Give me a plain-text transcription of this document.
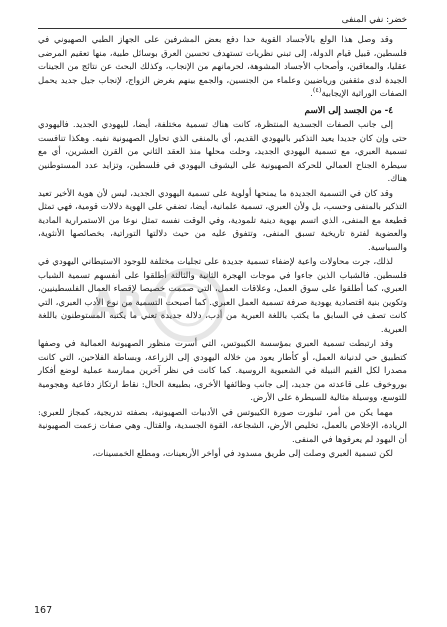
خضر: نفي المنفى

وقد وصل هذا الولع بالأجساد القوية حدا دفع بعض المشرفين على الجهاز الطبي الصهيوني في فلسطين، قبيل قيام الدولة، إلى تبني نظريات تستهدف تحسين العرق بوسائل طبية، منها تعقيم المرضى عقليا، والمعاقين، وأصحاب الأجساد المشوهة، لحرمانهم من الإنجاب، وكذلك البحث عن نتائج من الجينات الجيدة لدى مثقفين ورياضيين وعلماء من الجنسين، والجمع بينهم بغرض الزواج، لإنجاب جيل جديد يحمل الصفات الوراثية الإيجابية$^{(٤)}$.

٤- من الجسد إلى الاسم

إلى جانب الصفات الجسدية المنتظرة، كانت هناك تسمية مختلفة، أيضا، لليهودي الجديد. فاليهودي حتى وإن كان جديدا يعيد التذكير باليهودي القديم، أي بالمنفى الذي تحاول الصهيونية نفيه. وهكذا تنافست تسمية العبري، مع تسمية اليهودي الجديد، وحلت محلها منذ العقد الثاني من القرن العشرين، أي مع سيطرة الجناح العمالي للحركة الصهيونية على اليشوف اليهودي في فلسطين، وتزايد عدد المستوطنين هناك.

وقد كان في التسمية الجديدة ما يمنحها أولوية على تسمية اليهودي الجديد، ليس لأن هوية الأخير تعيد التذكير بالمنفى وحسب، بل ولأن العبري، تسمية علمانية، أيضا، تضفي على الهوية دلالات قومية، فهي تمثل قطيعة مع المنفى، الذي اتسم بهوية دينية تلمودية، وفي الوقت نفسه تمثل نوعا من الاستمرارية المادية والعضوية لفترة تاريخية تسبق المنفى، وتتفوق عليه من حيث دلالتها التوراتية، بخصائصها الأنثوية، والسياسية.

لذلك، جرت محاولات واعية لإضفاء تسمية جديدة على تجليات مختلفة للوجود الاستيطاني اليهودي في فلسطين. فالشباب الذين جاءوا في موجات الهجرة الثانية والثالثة أطلقوا على أنفسهم تسمية الشباب العبري، كما أطلقوا على سوق العمل، وعلاقات العمل، التي صممت خصيصا لإقصاء العمال الفلسطينيين، وتكوين بنية اقتصادية يهودية صرفة تسمية العمل العبري. كما أصبحت التسمية من نوع الأدب العبري، التي كانت تصف في السابق ما يكتب باللغة العبرية من أدب، دلالة جديدة تعني ما يكتبه المستوطنون باللغة العبرية.

وقد ارتبطت تسمية العبري بمؤسسة الكيبوتس، التي أسرت منظور الصهيونية العمالية في وصفها كتطبيق حي لدنيانة العمل، أو كأطار يعود من خلاله اليهودي إلى الزراعة، وبساطة الفلاحين، التي كانت مصدرا لكل القيم النبيلة في الشعبوية الروسية. كما كانت في نظر آخرين ممارسة عملية لوضع أفكار بوروخوف على قاعدته من جديد، إلى جانب وظائفها الأخرى، بطبيعة الحال: نقاط ارتكاز دفاعية وهجومية للتوسع، ووسيلة مثالية للسيطرة على الأرض.

مهما يكن من أمر، تبلورت صورة الكيبوتس في الأدبيات الصهيونية، بصفته تدريجية، كمجاز للعبري: الريادة، الإخلاص بالعمل، تخليص الأرض، الشجاعة، القوة الجسدية، والقتال. وهي صفات زعمت الصهيونية أن اليهود لم يعرفوها في المنفى.

لكن تسمية العبري وصلت إلى طريق مسدود في أواخر الأربعينات، ومطلع الخمسينات،

ARC
167
